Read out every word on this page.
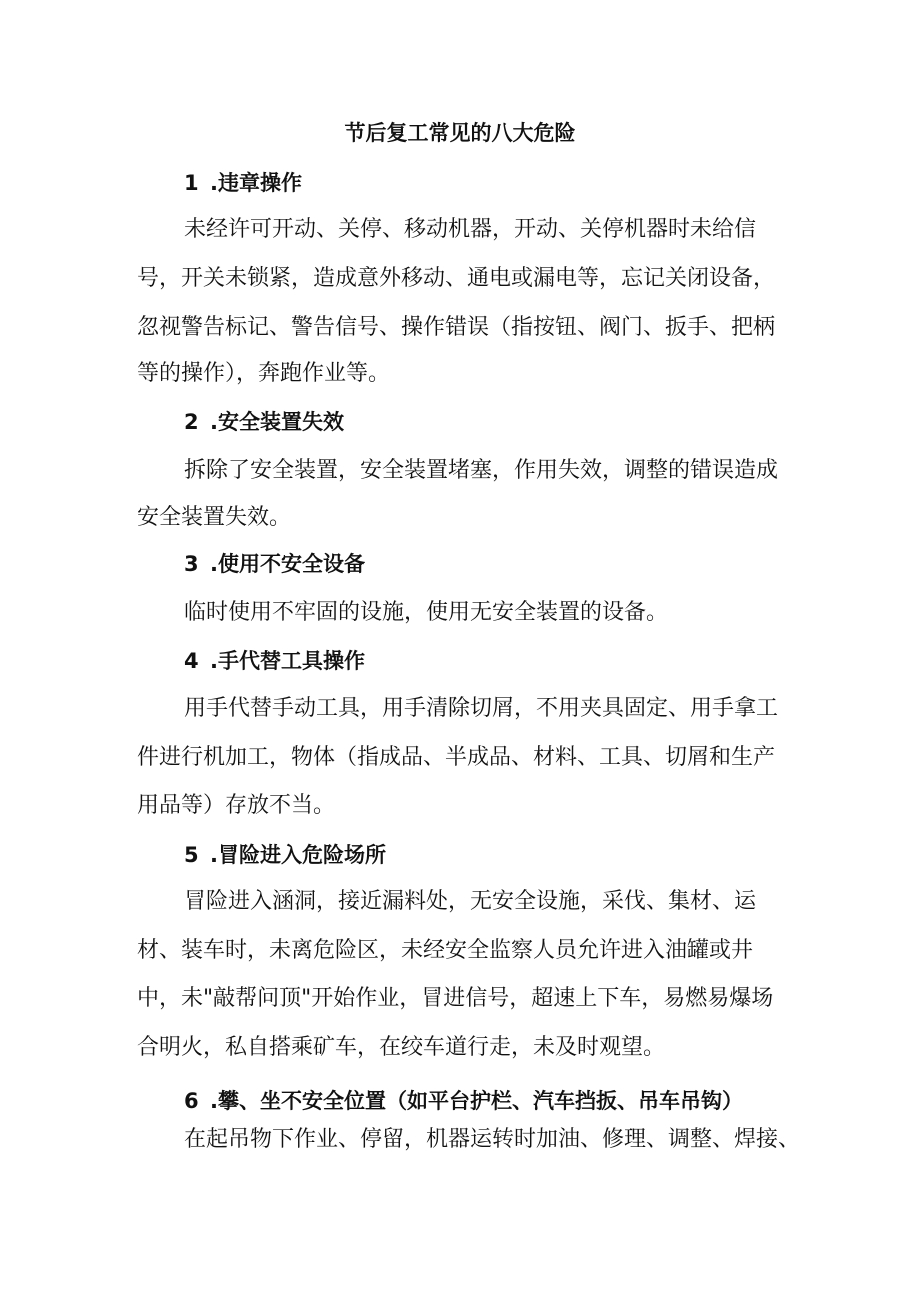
节后复工常见的八大危险
1 .违章操作
未经许可开动、关停、移动机器，开动、关停机器时未给信
号，开关未锁紧，造成意外移动、通电或漏电等，忘记关闭设备，
忽视警告标记、警告信号、操作错误（指按钮、阀门、扳手、把柄
等的操作），奔跑作业等。
2 .安全装置失效
拆除了安全装置，安全装置堵塞，作用失效，调整的错误造成
安全装置失效。
3 .使用不安全设备
临时使用不牢固的设施，使用无安全装置的设备。
4 .手代替工具操作
用手代替手动工具，用手清除切屑，不用夹具固定、用手拿工
件进行机加工，物体（指成品、半成品、材料、工具、切屑和生产
用品等）存放不当。
5 .冒险进入危险场所
冒险进入涵洞，接近漏料处，无安全设施，采伐、集材、运
材、装车时，未离危险区，未经安全监察人员允许进入油罐或井
中，未"敲帮问顶"开始作业，冒进信号，超速上下车，易燃易爆场
合明火，私自搭乘矿车，在绞车道行走，未及时观望。
6 .攀、坐不安全位置（如平台护栏、汽车挡扳、吊车吊钩）
在起吊物下作业、停留，机器运转时加油、修理、调整、焊接、
